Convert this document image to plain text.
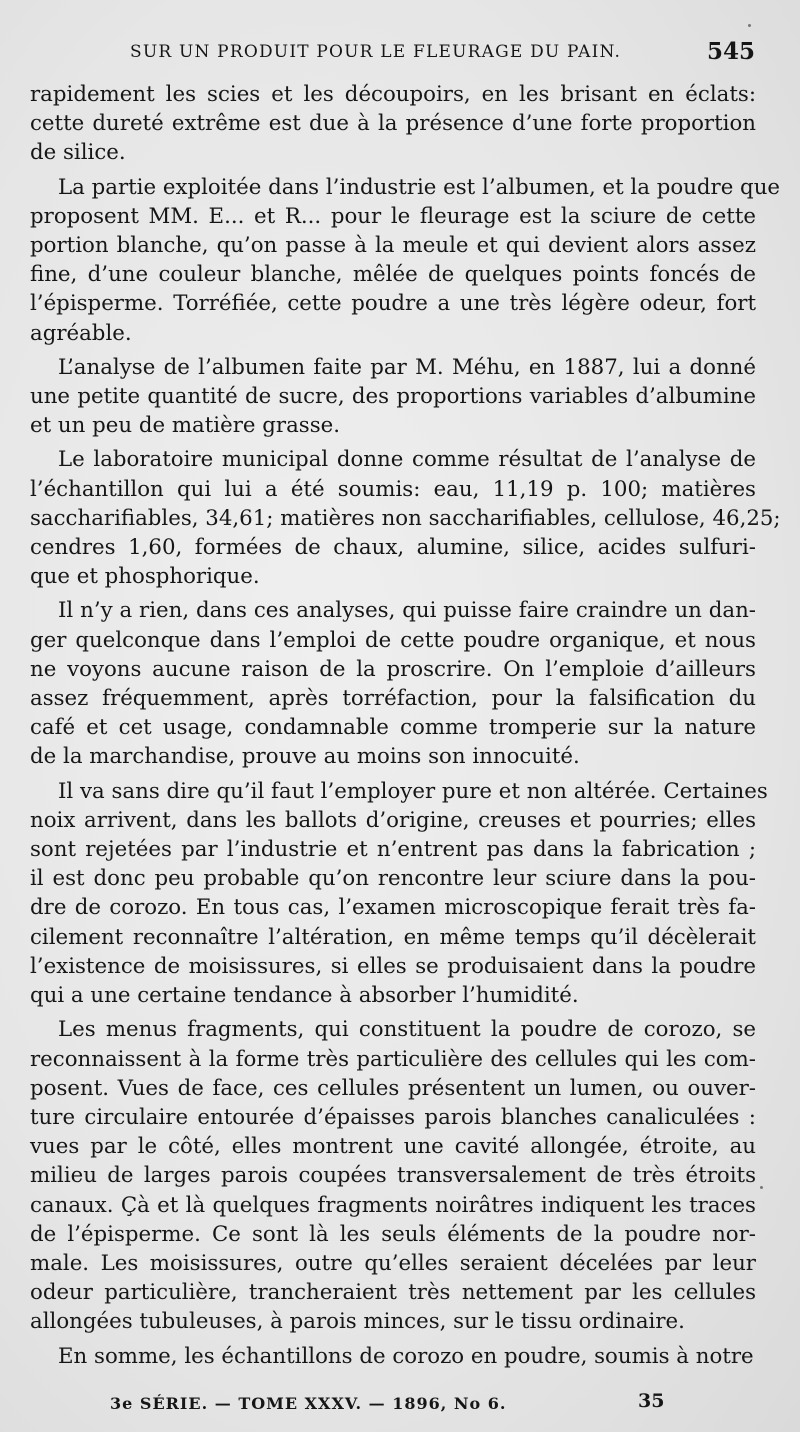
SUR UN PRODUIT POUR LE FLEURAGE DU PAIN.	545
rapidement les scies et les découpoirs, en les brisant en éclats:
cette dureté extrême est due à la présence d’une forte proportion
de silice.
La partie exploitée dans l’industrie est l’albumen, et la poudre que
proposent MM. E... et R... pour le fleurage est la sciure de cette
portion blanche, qu’on passe à la meule et qui devient alors assez
fine, d’une couleur blanche, mêlée de quelques points foncés de
l’épisperme. Torréfiée, cette poudre a une très légère odeur, fort
agréable.
L’analyse de l’albumen faite par M. Méhu, en 1887, lui a donné
une petite quantité de sucre, des proportions variables d’albumine
et un peu de matière grasse.
Le laboratoire municipal donne comme résultat de l’analyse de
l’échantillon qui lui a été soumis: eau, 11,19 p. 100; matières
saccharifiables, 34,61; matières non saccharifiables, cellulose, 46,25;
cendres 1,60, formées de chaux, alumine, silice, acides sulfuri-
que et phosphorique.
Il n’y a rien, dans ces analyses, qui puisse faire craindre un dan-
ger quelconque dans l’emploi de cette poudre organique, et nous
ne voyons aucune raison de la proscrire. On l’emploie d’ailleurs
assez fréquemment, après torréfaction, pour la falsification du
café et cet usage, condamnable comme tromperie sur la nature
de la marchandise, prouve au moins son innocuité.
Il va sans dire qu’il faut l’employer pure et non altérée. Certaines
noix arrivent, dans les ballots d’origine, creuses et pourries; elles
sont rejetées par l’industrie et n’entrent pas dans la fabrication ;
il est donc peu probable qu’on rencontre leur sciure dans la pou-
dre de corozo. En tous cas, l’examen microscopique ferait très fa-
cilement reconnaître l’altération, en même temps qu’il décèlerait
l’existence de moisissures, si elles se produisaient dans la poudre
qui a une certaine tendance à absorber l’humidité.
Les menus fragments, qui constituent la poudre de corozo, se
reconnaissent à la forme très particulière des cellules qui les com-
posent. Vues de face, ces cellules présentent un lumen, ou ouver-
ture circulaire entourée d’épaisses parois blanches canaliculées :
vues par le côté, elles montrent une cavité allongée, étroite, au
milieu de larges parois coupées transversalement de très étroits
canaux. Çà et là quelques fragments noirâtres indiquent les traces
de l’épisperme. Ce sont là les seuls éléments de la poudre nor-
male. Les moisissures, outre qu’elles seraient décelées par leur
odeur particulière, trancheraient très nettement par les cellules
allongées tubuleuses, à parois minces, sur le tissu ordinaire.
En somme, les échantillons de corozo en poudre, soumis à notre
3e SÉRIE. — TOME XXXV. — 1896, No 6.	35
